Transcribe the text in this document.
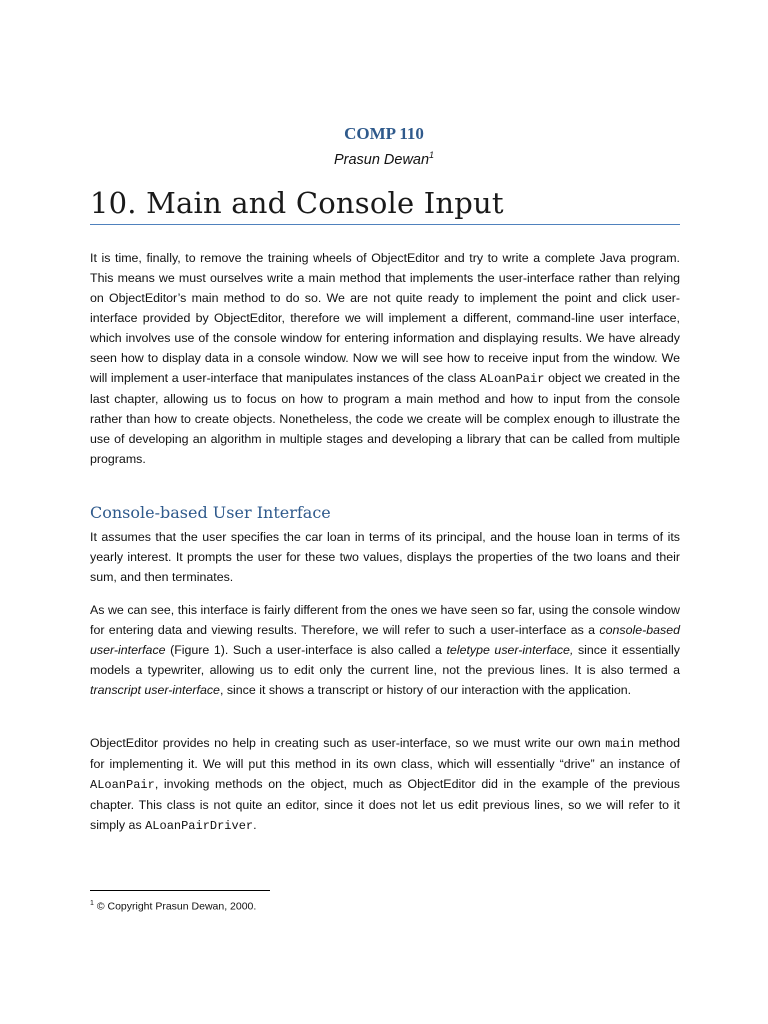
COMP 110
Prasun Dewan$^1$
10. Main and Console Input

It is time, finally, to remove the training wheels of ObjectEditor and try to write a complete Java program. This means we must ourselves write a main method that implements the user-interface rather than relying on ObjectEditor’s main method to do so. We are not quite ready to implement the point and click user-interface provided by ObjectEditor, therefore we will implement a different, command-line user interface, which involves use of the console window for entering information and displaying results. We have already seen how to display data in a console window. Now we will see how to receive input from the window. We will implement a user-interface that manipulates instances of the class ALoanPair object we created in the last chapter, allowing us to focus on how to program a main method and how to input from the console rather than how to create objects. Nonetheless, the code we create will be complex enough to illustrate the use of developing an algorithm in multiple stages and developing a library that can be called from multiple programs.

Console-based User Interface

It assumes that the user specifies the car loan in terms of its principal, and the house loan in terms of its yearly interest. It prompts the user for these two values, displays the properties of the two loans and their sum, and then terminates.

As we can see, this interface is fairly different from the ones we have seen so far, using the console window for entering data and viewing results. Therefore, we will refer to such a user-interface as a console-based user-interface (Figure 1). Such a user-interface is also called a teletype user-interface, since it essentially models a typewriter, allowing us to edit only the current line, not the previous lines. It is also termed a transcript user-interface, since it shows a transcript or history of our interaction with the application.

ObjectEditor provides no help in creating such as user-interface, so we must write our own main method for implementing it. We will put this method in its own class, which will essentially “drive” an instance of ALoanPair, invoking methods on the object, much as ObjectEditor did in the example of the previous chapter. This class is not quite an editor, since it does not let us edit previous lines, so we will refer to it simply as ALoanPairDriver.

$^1$ © Copyright Prasun Dewan, 2000.
